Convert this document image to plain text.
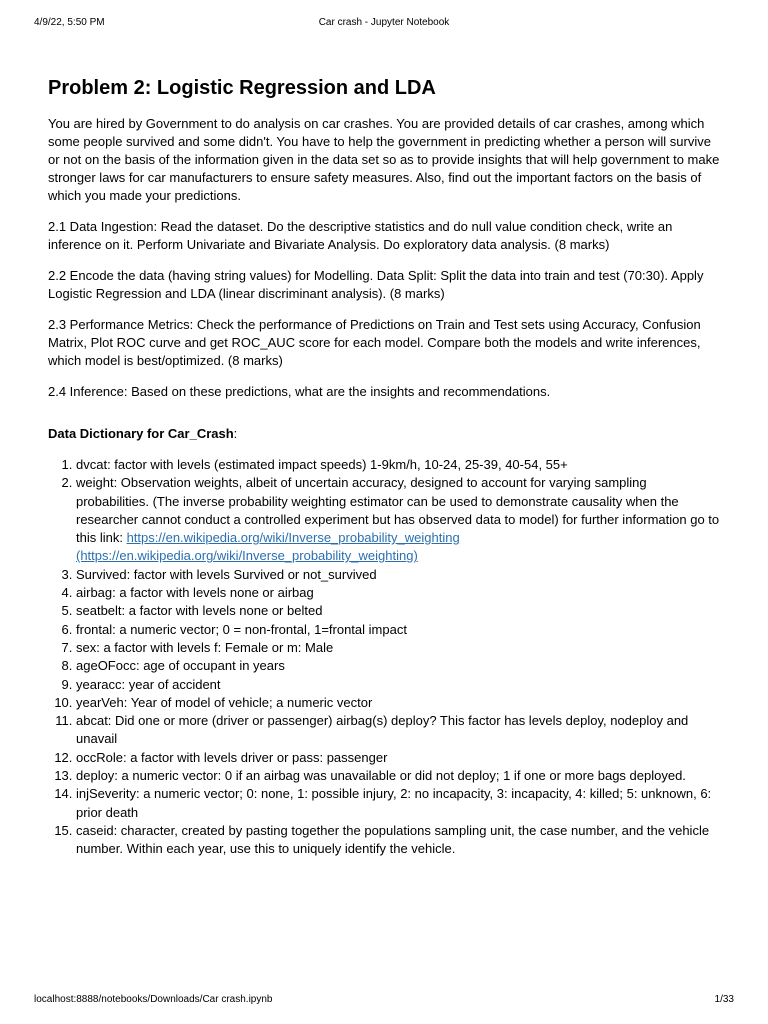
4/9/22, 5:50 PM	Car crash - Jupyter Notebook
Problem 2: Logistic Regression and LDA

You are hired by Government to do analysis on car crashes. You are provided details of car crashes, among which some people survived and some didn't. You have to help the government in predicting whether a person will survive or not on the basis of the information given in the data set so as to provide insights that will help government to make stronger laws for car manufacturers to ensure safety measures. Also, find out the important factors on the basis of which you made your predictions.

2.1 Data Ingestion: Read the dataset. Do the descriptive statistics and do null value condition check, write an inference on it. Perform Univariate and Bivariate Analysis. Do exploratory data analysis. (8 marks)

2.2 Encode the data (having string values) for Modelling. Data Split: Split the data into train and test (70:30). Apply Logistic Regression and LDA (linear discriminant analysis). (8 marks)

2.3 Performance Metrics: Check the performance of Predictions on Train and Test sets using Accuracy, Confusion Matrix, Plot ROC curve and get ROC_AUC score for each model. Compare both the models and write inferences, which model is best/optimized. (8 marks)

2.4 Inference: Based on these predictions, what are the insights and recommendations.

Data Dictionary for Car_Crash:

1. dvcat: factor with levels (estimated impact speeds) 1-9km/h, 10-24, 25-39, 40-54, 55+
2. weight: Observation weights, albeit of uncertain accuracy, designed to account for varying sampling probabilities. (The inverse probability weighting estimator can be used to demonstrate causality when the researcher cannot conduct a controlled experiment but has observed data to model) for further information go to this link: https://en.wikipedia.org/wiki/Inverse_probability_weighting
(https://en.wikipedia.org/wiki/Inverse_probability_weighting)
3. Survived: factor with levels Survived or not_survived
4. airbag: a factor with levels none or airbag
5. seatbelt: a factor with levels none or belted
6. frontal: a numeric vector; 0 = non-frontal, 1=frontal impact
7. sex: a factor with levels f: Female or m: Male
8. ageOFocc: age of occupant in years
9. yearacc: year of accident
10. yearVeh: Year of model of vehicle; a numeric vector
11. abcat: Did one or more (driver or passenger) airbag(s) deploy? This factor has levels deploy, nodeploy and unavail
12. occRole: a factor with levels driver or pass: passenger
13. deploy: a numeric vector: 0 if an airbag was unavailable or did not deploy; 1 if one or more bags deployed.
14. injSeverity: a numeric vector; 0: none, 1: possible injury, 2: no incapacity, 3: incapacity, 4: killed; 5: unknown, 6: prior death
15. caseid: character, created by pasting together the populations sampling unit, the case number, and the vehicle number. Within each year, use this to uniquely identify the vehicle.
localhost:8888/notebooks/Downloads/Car crash.ipynb	1/33
